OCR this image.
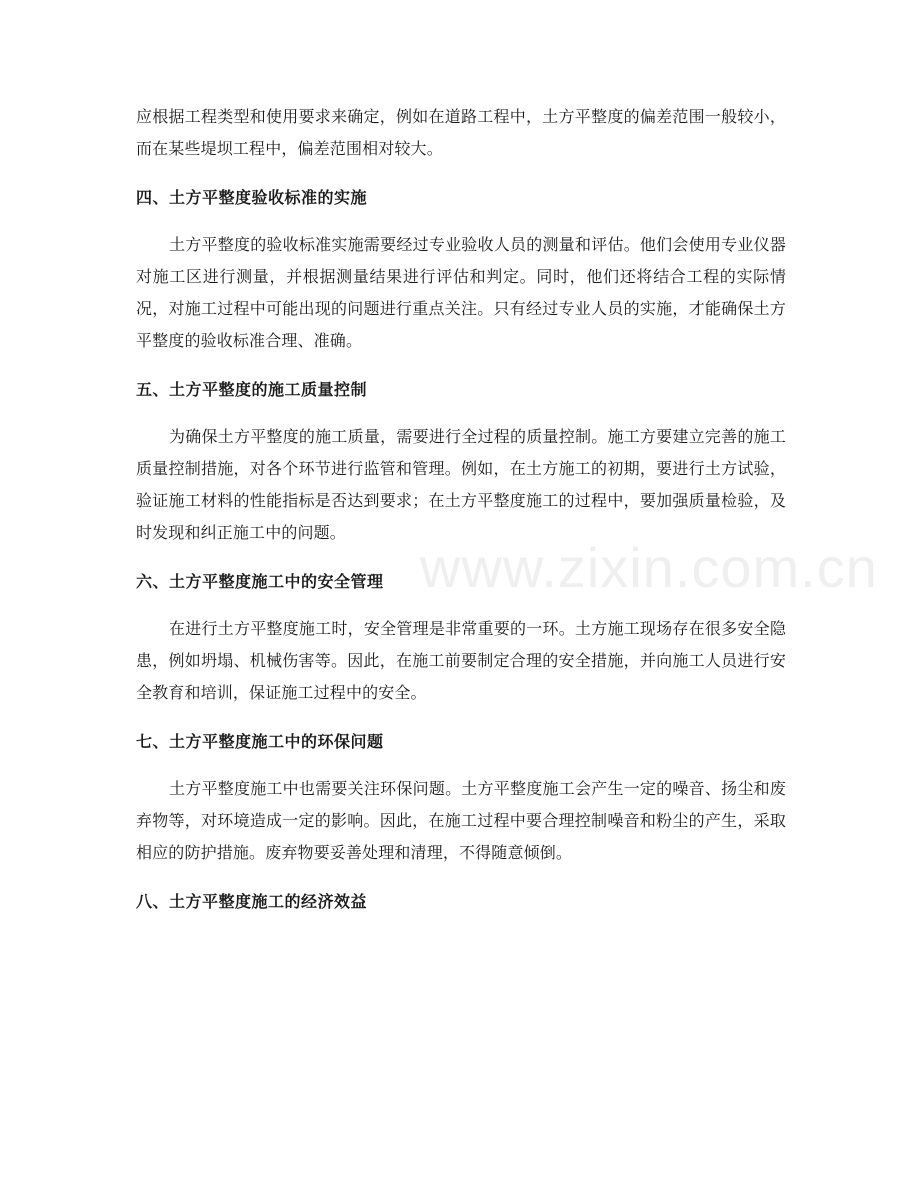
应根据工程类型和使用要求来确定，例如在道路工程中，土方平整度的偏差范围一般较小，而在某些堤坝工程中，偏差范围相对较大。

四、土方平整度验收标准的实施

土方平整度的验收标准实施需要经过专业验收人员的测量和评估。他们会使用专业仪器对施工区进行测量，并根据测量结果进行评估和判定。同时，他们还将结合工程的实际情况，对施工过程中可能出现的问题进行重点关注。只有经过专业人员的实施，才能确保土方平整度的验收标准合理、准确。

五、土方平整度的施工质量控制

为确保土方平整度的施工质量，需要进行全过程的质量控制。施工方要建立完善的施工质量控制措施，对各个环节进行监管和管理。例如，在土方施工的初期，要进行土方试验，验证施工材料的性能指标是否达到要求；在土方平整度施工的过程中，要加强质量检验，及时发现和纠正施工中的问题。

六、土方平整度施工中的安全管理

在进行土方平整度施工时，安全管理是非常重要的一环。土方施工现场存在很多安全隐患，例如坍塌、机械伤害等。因此，在施工前要制定合理的安全措施，并向施工人员进行安全教育和培训，保证施工过程中的安全。

七、土方平整度施工中的环保问题

土方平整度施工中也需要关注环保问题。土方平整度施工会产生一定的噪音、扬尘和废弃物等，对环境造成一定的影响。因此，在施工过程中要合理控制噪音和粉尘的产生，采取相应的防护措施。废弃物要妥善处理和清理，不得随意倾倒。

八、土方平整度施工的经济效益
www.zixin.com.cn
